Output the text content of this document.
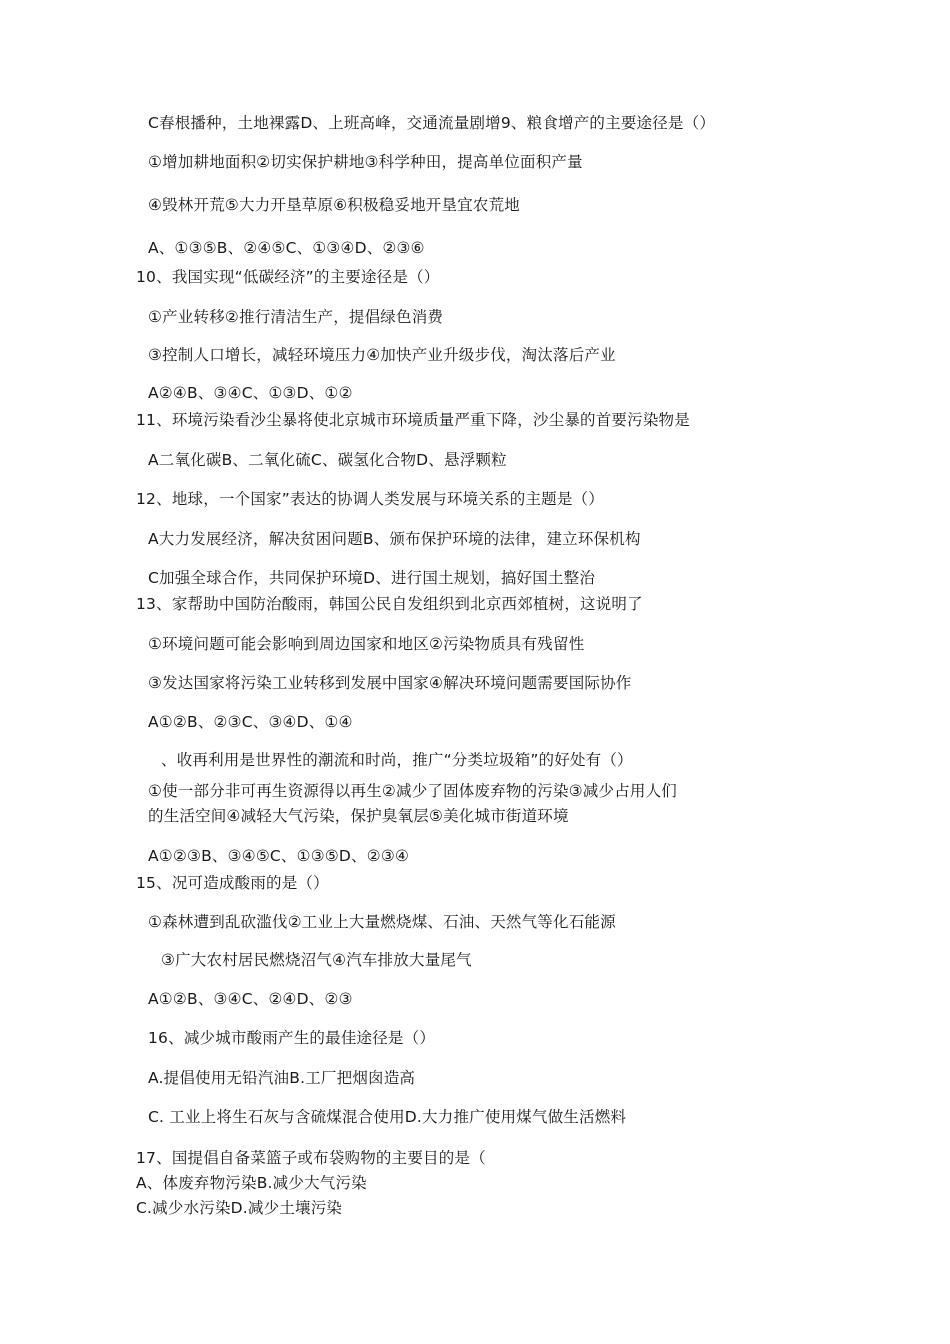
C春根播种，土地裸露D、上班高峰，交通流量剧增9、粮食增产的主要途径是（）
①增加耕地面积②切实保护耕地③科学种田，提高单位面积产量
④毁林开荒⑤大力开垦草原⑥积极稳妥地开垦宜农荒地
A、①③⑤B、②④⑤C、①③④D、②③⑥
10、我国实现“低碳经济”的主要途径是（）
①产业转移②推行清洁生产，提倡绿色消费
③控制人口增长，减轻环境压力④加快产业升级步伐，淘汰落后产业
A②④B、③④C、①③D、①②
11、环境污染看沙尘暴将使北京城市环境质量严重下降，沙尘暴的首要污染物是
A二氧化碳B、二氧化硫C、碳氢化合物D、悬浮颗粒
12、地球，一个国家”表达的协调人类发展与环境关系的主题是（）
A大力发展经济，解决贫困问题B、颁布保护环境的法律，建立环保机构
C加强全球合作，共同保护环境D、进行国土规划，搞好国土整治
13、家帮助中国防治酸雨，韩国公民自发组织到北京西郊植树，这说明了
①环境问题可能会影响到周边国家和地区②污染物质具有残留性
③发达国家将污染工业转移到发展中国家④解决环境问题需要国际协作
A①②B、②③C、③④D、①④
、收再利用是世界性的潮流和时尚，推广“分类垃圾箱”的好处有（）
①使一部分非可再生资源得以再生②减少了固体废弃物的污染③减少占用人们
的生活空间④减轻大气污染，保护臭氧层⑤美化城市街道环境
A①②③B、③④⑤C、①③⑤D、②③④
15、况可造成酸雨的是（）
①森林遭到乱砍滥伐②工业上大量燃烧煤、石油、天然气等化石能源
③广大农村居民燃烧沼气④汽车排放大量尾气
A①②B、③④C、②④D、②③
16、减少城市酸雨产生的最佳途径是（）
A.提倡使用无铅汽油B.工厂把烟囱造高
C. 工业上将生石灰与含硫煤混合使用D.大力推广使用煤气做生活燃料
17、国提倡自备菜篮子或布袋购物的主要目的是（
A、体废弃物污染B.减少大气污染
C.减少水污染D.减少土壤污染
